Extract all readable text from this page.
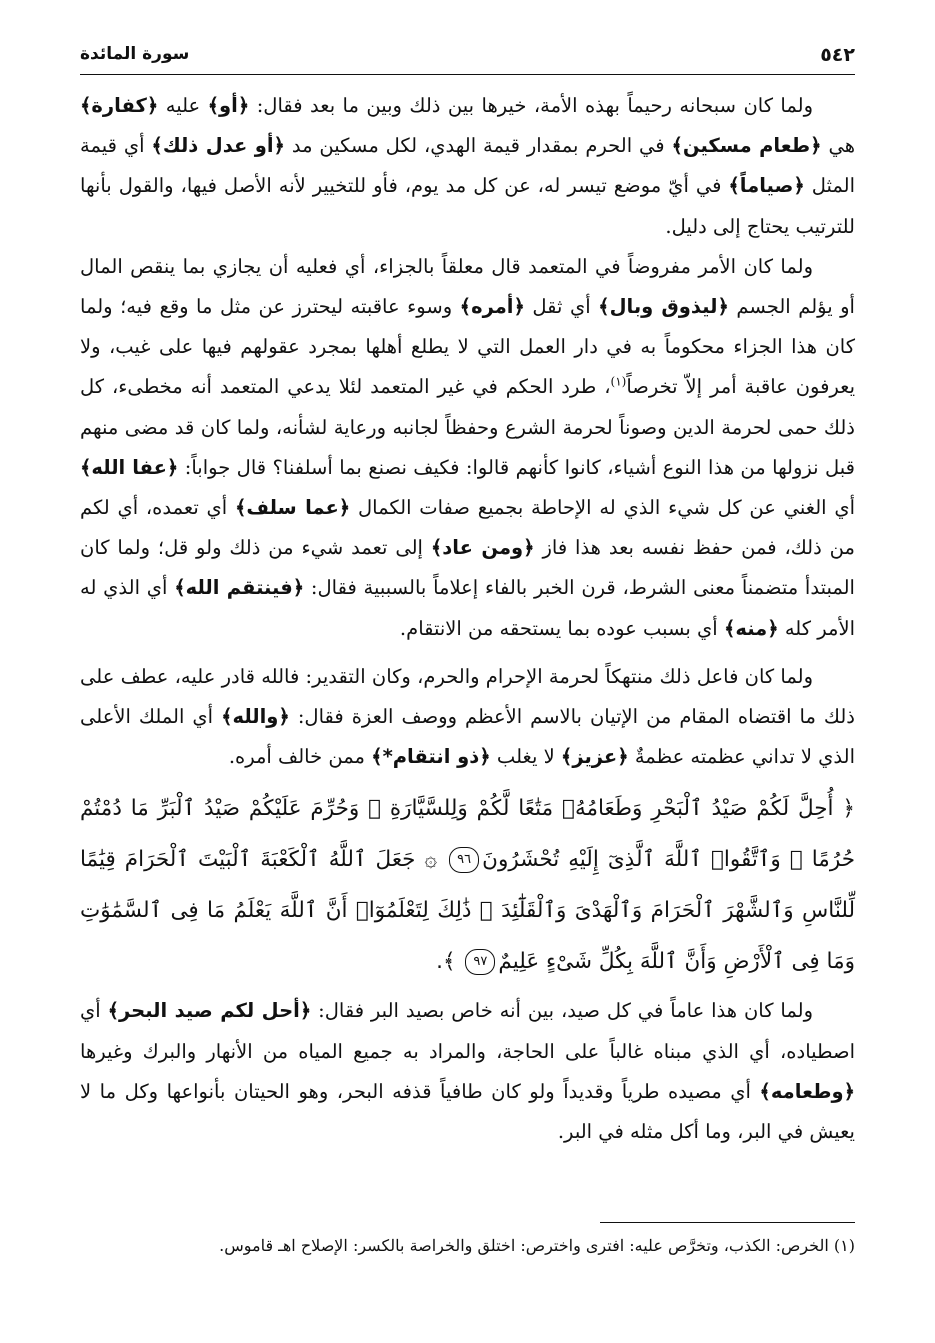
٥٤٢
سورة المائدة

ولما كان سبحانه رحيماً بهذه الأمة، خيرها بين ذلك وبين ما بعد فقال: ﴿أو﴾ عليه ﴿كفارة﴾ هي ﴿طعام مسكين﴾ في الحرم بمقدار قيمة الهدي، لكل مسكين مد ﴿أو عدل ذلك﴾ أي قيمة المثل ﴿صياماً﴾ في أيّ موضع تيسر له، عن كل مد يوم، فأو للتخيير لأنه الأصل فيها، والقول بأنها للترتيب يحتاج إلى دليل.

ولما كان الأمر مفروضاً في المتعمد قال معلقاً بالجزاء، أي فعليه أن يجازي بما ينقص المال أو يؤلم الجسم ﴿ليذوق وبال﴾ أي ثقل ﴿أمره﴾ وسوء عاقبته ليحترز عن مثل ما وقع فيه؛ ولما كان هذا الجزاء محكوماً به في دار العمل التي لا يطلع أهلها بمجرد عقولهم فيها على غيب، ولا يعرفون عاقبة أمر إلاّ تخرصاً$^{(١)}$، طرد الحكم في غير المتعمد لئلا يدعي المتعمد أنه مخطىء، كل ذلك حمى لحرمة الدين وصوناً لحرمة الشرع وحفظاً لجانبه ورعاية لشأنه، ولما كان قد مضى منهم قبل نزولها من هذا النوع أشياء، كانوا كأنهم قالوا: فكيف نصنع بما أسلفنا؟ قال جواباً: ﴿عفا الله﴾ أي الغني عن كل شيء الذي له الإحاطة بجميع صفات الكمال ﴿عما سلف﴾ أي تعمده، أي لكم من ذلك، فمن حفظ نفسه بعد هذا فاز ﴿ومن عاد﴾ إلى تعمد شيء من ذلك ولو قل؛ ولما كان المبتدأ متضمناً معنى الشرط، قرن الخبر بالفاء إعلاماً بالسببية فقال: ﴿فينتقم الله﴾ أي الذي له الأمر كله ﴿منه﴾ أي بسبب عوده بما يستحقه من الانتقام.

ولما كان فاعل ذلك منتهكاً لحرمة الإحرام والحرم، وكان التقدير: فالله قادر عليه، عطف على ذلك ما اقتضاه المقام من الإتيان بالاسم الأعظم ووصف العزة فقال: ﴿والله﴾ أي الملك الأعلى الذي لا تداني عظمته عظمةٌ ﴿عزيز﴾ لا يغلب ﴿ذو انتقام*﴾ ممن خالف أمره.

﴿ أُحِلَّ لَكُمْ صَيْدُ ٱلْبَحْرِ وَطَعَامُهُۥ مَتَٰعًا لَّكُمْ وَلِلسَّيَّارَةِ ۖ وَحُرِّمَ عَلَيْكُمْ صَيْدُ ٱلْبَرِّ مَا دُمْتُمْ حُرُمًا ۗ وَٱتَّقُوا۟ ٱللَّهَ ٱلَّذِىٓ إِلَيْهِ تُحْشَرُونَ٩٦ ۞ جَعَلَ ٱللَّهُ ٱلْكَعْبَةَ ٱلْبَيْتَ ٱلْحَرَامَ قِيَٰمًا لِّلنَّاسِ وَٱلشَّهْرَ ٱلْحَرَامَ وَٱلْهَدْىَ وَٱلْقَلَٰٓئِدَ ۚ ذَٰلِكَ لِتَعْلَمُوٓا۟ أَنَّ ٱللَّهَ يَعْلَمُ مَا فِى ٱلسَّمَٰوَٰتِ وَمَا فِى ٱلْأَرْضِ وَأَنَّ ٱللَّهَ بِكُلِّ شَىْءٍ عَلِيمٌ٩٧ ﴾.

ولما كان هذا عاماً في كل صيد، بين أنه خاص بصيد البر فقال: ﴿أحل لكم صيد البحر﴾ أي اصطياده، أي الذي مبناه غالباً على الحاجة، والمراد به جميع المياه من الأنهار والبرك وغيرها ﴿وطعامه﴾ أي مصيده طرياً وقديداً ولو كان طافياً قذفه البحر، وهو الحيتان بأنواعها وكل ما لا يعيش في البر، وما أكل مثله في البر.

(١) الخرص: الكذب، وتخرَّص عليه: افترى واخترص: اختلق والخراصة بالكسر: الإصلاح اهـ قاموس.
